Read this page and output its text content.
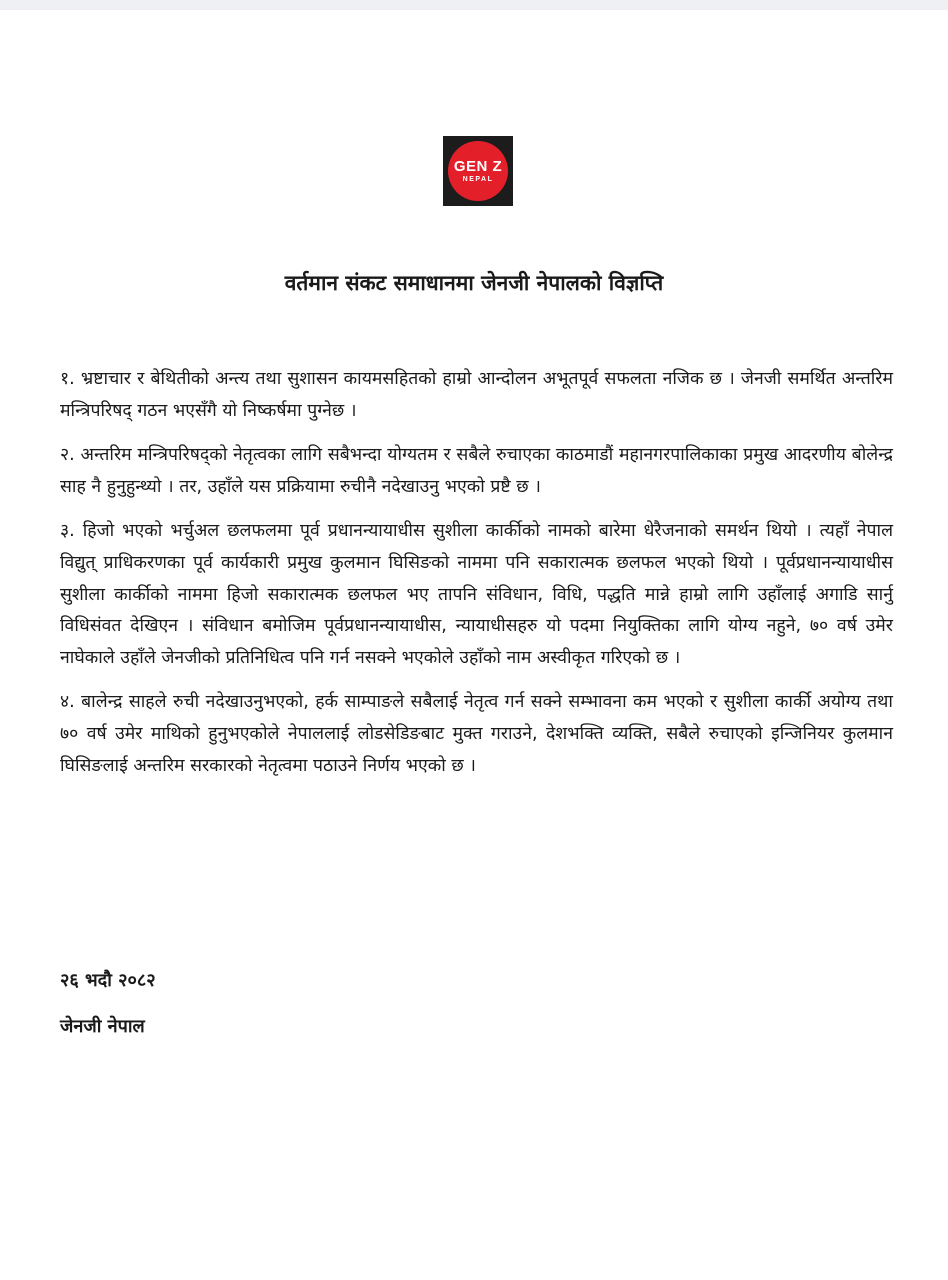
GEN Z
NEPAL
वर्तमान संकट समाधानमा जेनजी नेपालको विज्ञप्ति

१. भ्रष्टाचार र बेथितीको अन्त्य तथा सुशासन कायमसहितको हाम्रो आन्दोलन अभूतपूर्व सफलता नजिक छ । जेनजी समर्थित अन्तरिम मन्त्रिपरिषद् गठन भएसँगै यो निष्कर्षमा पुग्नेछ ।

२. अन्तरिम मन्त्रिपरिषद्को नेतृत्वका लागि सबैभन्दा योग्यतम र सबैले रुचाएका काठमाडौं महानगरपालिकाका प्रमुख आदरणीय बोलेन्द्र साह नै हुनुहुन्थ्यो । तर, उहाँले यस प्रक्रियामा रुचीनै नदेखाउनु भएको प्रष्टै छ ।

३. हिजो भएको भर्चुअल छलफलमा पूर्व प्रधानन्यायाधीस सुशीला कार्कीको नामको बारेमा धेरैजनाको समर्थन थियो । त्यहाँ नेपाल विद्युत् प्राधिकरणका पूर्व कार्यकारी प्रमुख कुलमान घिसिङको नाममा पनि सकारात्मक छलफल भएको थियो । पूर्वप्रधानन्यायाधीस सुशीला कार्कीको नाममा हिजो सकारात्मक छलफल भए तापनि संविधान, विधि, पद्धति मान्ने हाम्रो लागि उहाँलाई अगाडि सार्नु विधिसंवत देखिएन । संविधान बमोजिम पूर्वप्रधानन्यायाधीस, न्यायाधीसहरु यो पदमा नियुक्तिका लागि योग्य नहुने, ७० वर्ष उमेर नाघेकाले उहाँले जेनजीको प्रतिनिधित्व पनि गर्न नसक्ने भएकोले उहाँको नाम अस्वीकृत गरिएको छ ।

४. बालेन्द्र साहले रुची नदेखाउनुभएको, हर्क साम्पाङले सबैलाई नेतृत्व गर्न सक्ने सम्भावना कम भएको र सुशीला कार्की अयोग्य तथा ७० वर्ष उमेर माथिको हुनुभएकोले नेपाललाई लोडसेडिङबाट मुक्त गराउने, देशभक्ति व्यक्ति, सबैले रुचाएको इन्जिनियर कुलमान घिसिङलाई अन्तरिम सरकारको नेतृत्वमा पठाउने निर्णय भएको छ ।

२६ भदौ २०८२

जेनजी नेपाल
